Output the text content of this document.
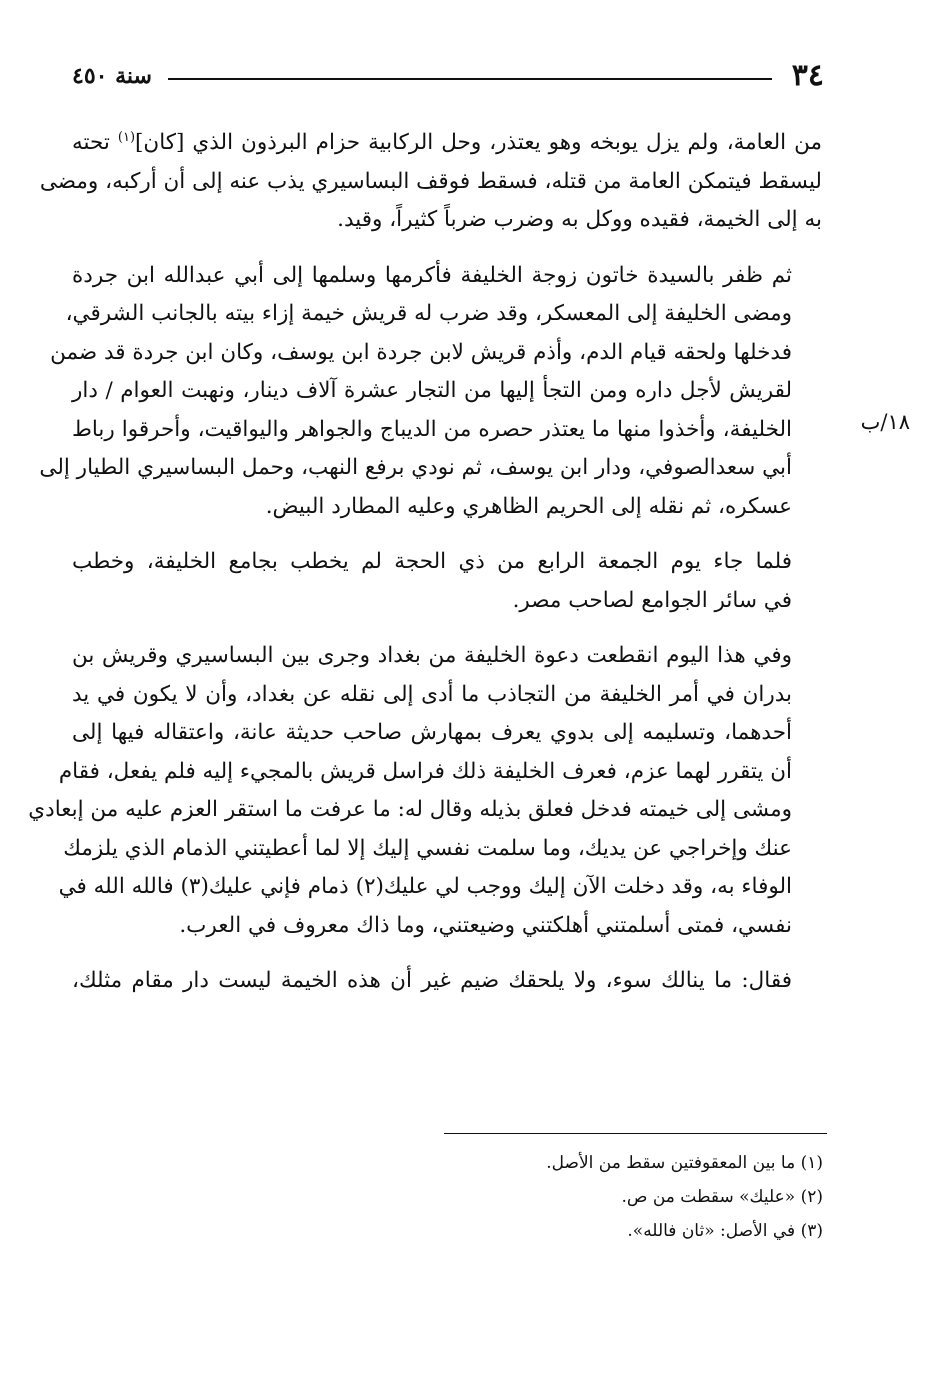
٣٤
سنة ٤٥٠
١٨/ب

من العامة، ولم يزل يوبخه وهو يعتذر، وحل الركابية حزام البرذون الذي [كان]$^{(١)}$ تحته
ليسقط فيتمكن العامة من قتله، فسقط فوقف البساسيري يذب عنه إلى أن أركبه، ومضى
به إلى الخيمة، فقيده ووكل به وضرب ضرباً كثيراً، وقيد.

ثم ظفر بالسيدة خاتون زوجة الخليفة فأكرمها وسلمها إلى أبي عبدالله ابن جردة
ومضى الخليفة إلى المعسكر، وقد ضرب له قريش خيمة إزاء بيته بالجانب الشرقي،
فدخلها ولحقه قيام الدم، وأذم قريش لابن جردة ابن يوسف، وكان ابن جردة قد ضمن
لقريش لأجل داره ومن التجأ إليها من التجار عشرة آلاف دينار، ونهبت العوام / دار
الخليفة، وأخذوا منها ما يعتذر حصره من الديباج والجواهر واليواقيت، وأحرقوا رباط
أبي سعدالصوفي، ودار ابن يوسف، ثم نودي برفع النهب، وحمل البساسيري الطيار إلى
عسكره، ثم نقله إلى الحريم الظاهري وعليه المطارد البيض.

فلما جاء يوم الجمعة الرابع من ذي الحجة لم يخطب بجامع الخليفة، وخطب
في سائر الجوامع لصاحب مصر.

وفي هذا اليوم انقطعت دعوة الخليفة من بغداد وجرى بين البساسيري وقريش بن
بدران في أمر الخليفة من التجاذب ما أدى إلى نقله عن بغداد، وأن لا يكون في يد
أحدهما، وتسليمه إلى بدوي يعرف بمهارش صاحب حديثة عانة، واعتقاله فيها إلى
أن يتقرر لهما عزم، فعرف الخليفة ذلك فراسل قريش بالمجيء إليه فلم يفعل، فقام
ومشى إلى خيمته فدخل فعلق بذيله وقال له: ما عرفت ما استقر العزم عليه من إبعادي
عنك وإخراجي عن يديك، وما سلمت نفسي إليك إلا لما أعطيتني الذمام الذي يلزمك
الوفاء به، وقد دخلت الآن إليك ووجب لي عليك(٢) ذمام فإني عليك(٣) فالله الله في
نفسي، فمتى أسلمتني أهلكتني وضيعتني، وما ذاك معروف في العرب.

فقال: ما ينالك سوء، ولا يلحقك ضيم غير أن هذه الخيمة ليست دار مقام مثلك،

(١) ما بين المعقوفتين سقط من الأصل.
(٢) «عليك» سقطت من ص.
(٣) في الأصل: «ثان فالله».
